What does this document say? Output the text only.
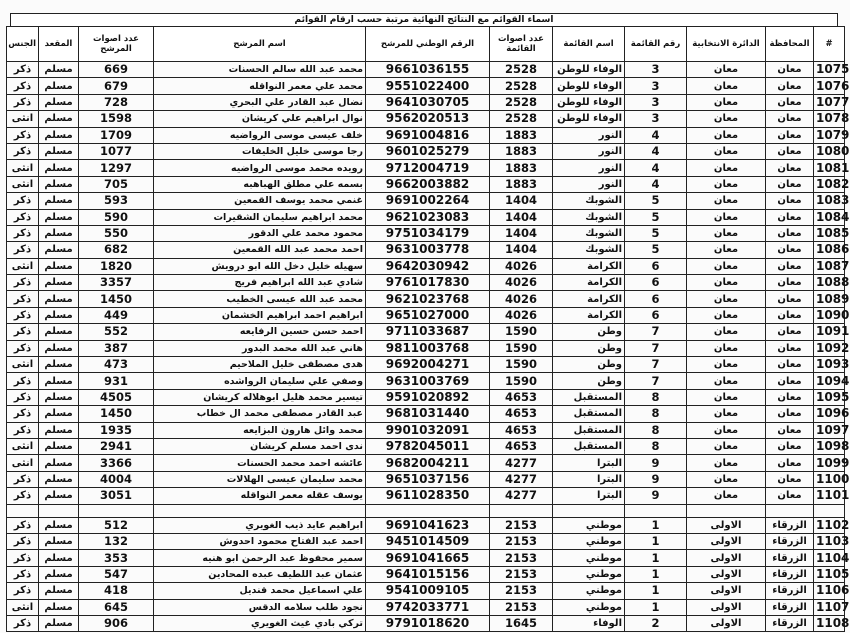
اسماء القوائم مع النتائج النهائية مرتبة حسب ارقام القوائم
#	المحافظة	الدائرة الانتخابية	رقم القائمة	اسم القائمة	عدد اصوات القائمة	الرقم الوطني للمرشح	اسم المرشح	عدد اصوات المرشح	المقعد	الجنس
1075	معان	معان	3	الوفاء للوطن	2528	9661036155	محمد عبد الله سالم الحسنات	669	مسلم	ذكر
1076	معان	معان	3	الوفاء للوطن	2528	9551022400	محمد علي معمر النواقله	679	مسلم	ذكر
1077	معان	معان	3	الوفاء للوطن	2528	9641030705	نضال عبد القادر علي البحري	728	مسلم	ذكر
1078	معان	معان	3	الوفاء للوطن	2528	9562020513	نوال ابراهيم علي كريشان	1598	مسلم	انثى
1079	معان	معان	4	النور	1883	9691004816	خلف عيسى موسى الرواضيه	1709	مسلم	ذكر
1080	معان	معان	4	النور	1883	9601025279	رجا موسى خليل الخليفات	1077	مسلم	ذكر
1081	معان	معان	4	النور	1883	9712004719	رويده محمد موسى الرواضيه	1297	مسلم	انثى
1082	معان	معان	4	النور	1883	9662003882	بسمه علي مطلق الهباهبه	705	مسلم	انثى
1083	معان	معان	5	الشوبك	1404	9691002264	غنمي محمد يوسف القمعين	593	مسلم	ذكر
1084	معان	معان	5	الشوبك	1404	9621023083	محمد ابراهيم سليمان الشقيرات	590	مسلم	ذكر
1085	معان	معان	5	الشوبك	1404	9751034179	محمود محمد علي الدقور	550	مسلم	ذكر
1086	معان	معان	5	الشوبك	1404	9631003778	احمد محمد عبد الله القمعين	682	مسلم	ذكر
1087	معان	معان	6	الكرامة	4026	9642030942	سهيله خليل دخل الله ابو درويش	1820	مسلم	انثى
1088	معان	معان	6	الكرامة	4026	9761017830	شادي عبد الله ابراهيم فريج	3357	مسلم	ذكر
1089	معان	معان	6	الكرامة	4026	9621023768	محمد عبد الله عيسى الخطيب	1450	مسلم	ذكر
1090	معان	معان	6	الكرامة	4026	9651027000	ابراهيم احمد ابراهيم الخشمان	449	مسلم	ذكر
1091	معان	معان	7	وطن	1590	9711033687	احمد حسن حسين الرفايعه	552	مسلم	ذكر
1092	معان	معان	7	وطن	1590	9811003768	هاني عبد الله محمد البدور	387	مسلم	ذكر
1093	معان	معان	7	وطن	1590	9692004271	هدى مصطفى خليل الملاحيم	473	مسلم	انثى
1094	معان	معان	7	وطن	1590	9631003769	وصفي علي سليمان الرواشده	931	مسلم	ذكر
1095	معان	معان	8	المستقبل	4653	9591020892	تيسير محمد هليل ابوهلاله كريشان	4505	مسلم	ذكر
1096	معان	معان	8	المستقبل	4653	9681031440	عبد القادر مصطفى محمد ال خطاب	1450	مسلم	ذكر
1097	معان	معان	8	المستقبل	4653	9901032091	محمد وائل هارون البزايعه	1935	مسلم	ذكر
1098	معان	معان	8	المستقبل	4653	9782045011	ندى احمد مسلم كريشان	2941	مسلم	انثى
1099	معان	معان	9	البترا	4277	9682004211	عائشه احمد محمد الحسنات	3366	مسلم	انثى
1100	معان	معان	9	البترا	4277	9651037156	محمد سليمان عيسى الهلالات	4004	مسلم	ذكر
1101	معان	معان	9	البترا	4277	9611028350	يوسف عقله معمر النواقله	3051	مسلم	ذكر

1102	الزرقاء	الاولى	1	موطني	2153	9691041623	ابراهيم عايد ذيب الغويري	512	مسلم	ذكر
1103	الزرقاء	الاولى	1	موطني	2153	9451014509	احمد عبد الفتاح محمود احدوش	132	مسلم	ذكر
1104	الزرقاء	الاولى	1	موطني	2153	9691041665	سمير محفوظ عبد الرحمن ابو هنيه	353	مسلم	ذكر
1105	الزرقاء	الاولى	1	موطني	2153	9641015156	عثمان عبد اللطيف عبده المحادين	547	مسلم	ذكر
1106	الزرقاء	الاولى	1	موطني	2153	9541009105	علي اسماعيل محمد قنديل	418	مسلم	ذكر
1107	الزرقاء	الاولى	1	موطني	2153	9742033771	نجود طلب سلامه الدقس	645	مسلم	انثى
1108	الزرقاء	الاولى	2	الوفاء	1645	9791018620	تركي بادي غيث الغويري	906	مسلم	ذكر
